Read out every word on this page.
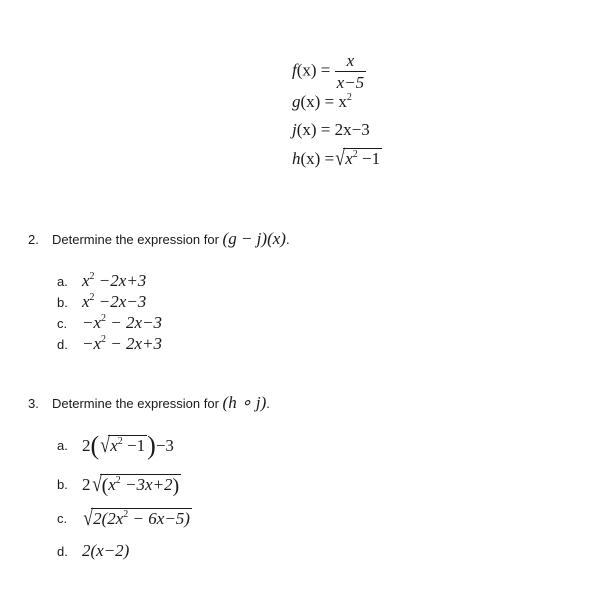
$f(x) = \frac{x}{x-5}$
$g(x) = x^2$
j(x) = 2x−3
h (x) = √ $x^2 -1$
2.	Determine the expression for
(g − j)(x) .
a. $x^2 -2x+3$
b. $x^2 -2x-3$
c. $-x^2 - 2x-3$
d. $-x^2 - 2x+3$
3.	Determine the expression for
(h ∘ j) .
a. 2 ( √ $x^2 -1$ ) −3
b. 2 √ $(x^2 -3x+2)$
c. √ $2(2x^2 - 6x-5)$
d. 2(x−2)
